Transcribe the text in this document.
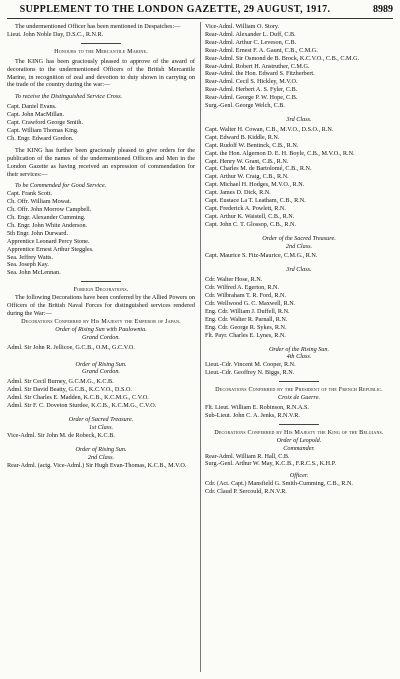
SUPPLEMENT TO THE LONDON GAZETTE, 29 AUGUST, 1917.	8989

The undermentioned Officer has been mentioned in Despatches:—

Lieut. John Noble Day, D.S.C., R.N.R.

Honours to the Mercantile Marine.

The KING has been graciously pleased to approve of the award of decorations to the undermentioned Officers of the British Mercantile Marine, in recognition of zeal and devotion to duty shown in carrying on the trade of the country during the war:—

To receive the Distinguished Service Cross.

Capt. Daniel Evans.

Capt. John MacMillan.

Capt. Crawford George Smith.

Capt. William Thomas King.

Ch. Engr. Edward Gordon.

The KING has further been graciously pleased to give orders for the publication of the names of the undermentioned Officers and Men in the London Gazette as having received an expression of commendation for their services:—

To be Commended for Good Service.

Capt. Frank Scott.

Ch. Offr. William Mowat.

Ch. Offr. John Morrow Campbell.

Ch. Engr. Alexander Cumming.

Ch. Engr. John White Anderson.

5th Engr. John Durward.

Apprentice Leonard Percy Stone.

Apprentice Ernest Arthur Steggles.

Sea. Jeffrey Watts.

Sea. Joseph Kay.

Sea. John McLennan.

Foreign Decorations.

The following Decorations have been conferred by the Allied Powers on Officers of the British Naval Forces for distinguished services rendered during the War:—

Decorations Conferred by His Majesty the Emperor of Japan.

Order of Rising Sun with Paulownia.

Grand Cordon.

Adml. Sir John R. Jellicoe, G.C.B., O.M., G.C.V.O.

Order of Rising Sun.

Grand Cordon.

Adml. Sir Cecil Burney, G.C.M.G., K.C.B.

Adml. Sir David Beatty, G.C.B., K.C.V.O., D.S.O.

Adml. Sir Charles E. Madden, K.C.B., K.C.M.G., C.V.O.

Adml. Sir F. C. Doveton Sturdee, K.C.B., K.C.M.G., C.V.O.

Order of Sacred Treasure.

1st Class.

Vice-Adml. Sir John M. de Robeck, K.C.B.

Order of Rising Sun.

2nd Class.

Rear-Adml. (actg. Vice-Adml.) Sir Hugh Evan-Thomas, K.C.B., M.V.O.

Vice-Adml. William O. Story.

Rear-Adml. Alexander L. Duff, C.B.

Rear-Adml. Arthur C. Leveson, C.B.

Rear-Adml. Ernest F. A. Gaunt, C.B., C.M.G.

Rear-Adml. Sir Osmond de B. Brock, K.C.V.O., C.B., C.M.G.

Rear-Adml. Robert H. Anstruther, C.M.G.

Rear-Adml. the Hon. Edward S. Fitzherbert.

Rear-Adml. Cecil S. Hickley, M.V.O.

Rear-Adml. Herbert A. S. Fyler, C.B.

Rear-Adml. George P. W. Hope, C.B.

Surg.-Genl. George Welch, C.B.

3rd Class.

Capt. Walter H. Cowan, C.B., M.V.O., D.S.O., R.N.

Capt. Edward B. Kiddle, R.N.

Capt. Rudolf W. Bentinck, C.B., R.N.

Capt. the Hon. Algernon D. E. H. Boyle, C.B., M.V.O., R.N.

Capt. Henry W. Grant, C.B., R.N.

Capt. Charles M. de Bartolomé, C.B., R.N.

Capt. Arthur W. Craig, C.B., R.N.

Capt. Michael H. Hodges, M.V.O., R.N.

Capt. James D. Dick, R.N.

Capt. Eustace La T. Leatham, C.B., R.N.

Capt. Frederick A. Powlett, R.N.

Capt. Arthur K. Waistell, C.B., R.N.

Capt. John C. T. Glossop, C.B., R.N.

Order of the Sacred Treasure.

2nd Class.

Capt. Maurice S. Fitz-Maurice, C.M.G., R.N.

3rd Class.

Cdr. Walter Hose, R.N.

Cdr. Wilfred A. Egerton, R.N.

Cdr. Wilbraham T. R. Ford, R.N.

Cdr. Wellwood G. C. Maxwell, R.N.

Eng. Cdr. William J. Duffell, R.N.

Eng. Cdr. Walter R. Parnall, R.N.

Eng. Cdr. George R. Sykes, R.N.

Flt. Payr. Charles E. Lynes, R.N.

Order of the Rising Sun.

4th Class.

Lieut.-Cdr. Vincent M. Cooper, R.N.

Lieut.-Cdr. Geoffrey N. Biggs, R.N.

Decorations Conferred by the President of the French Republic.

Croix de Guerre.

Flt. Lieut. William E. Robinson, R.N.A.S.

Sub-Lieut. John C. A. Jenks, R.N.V.R.

Decorations Conferred by His Majesty the King of the Belgians.

Order of Leopold.

Commander.

Rear-Adml. William R. Hall, C.B.

Surg.-Genl. Arthur W. May, K.C.B., F.R.C.S., K.H.P.

Officer.

Cdr. (Act. Capt.) Mansfield G. Smith-Cumming, C.B., R.N.

Cdr. Claud P. Sercould, R.N.V.R.
